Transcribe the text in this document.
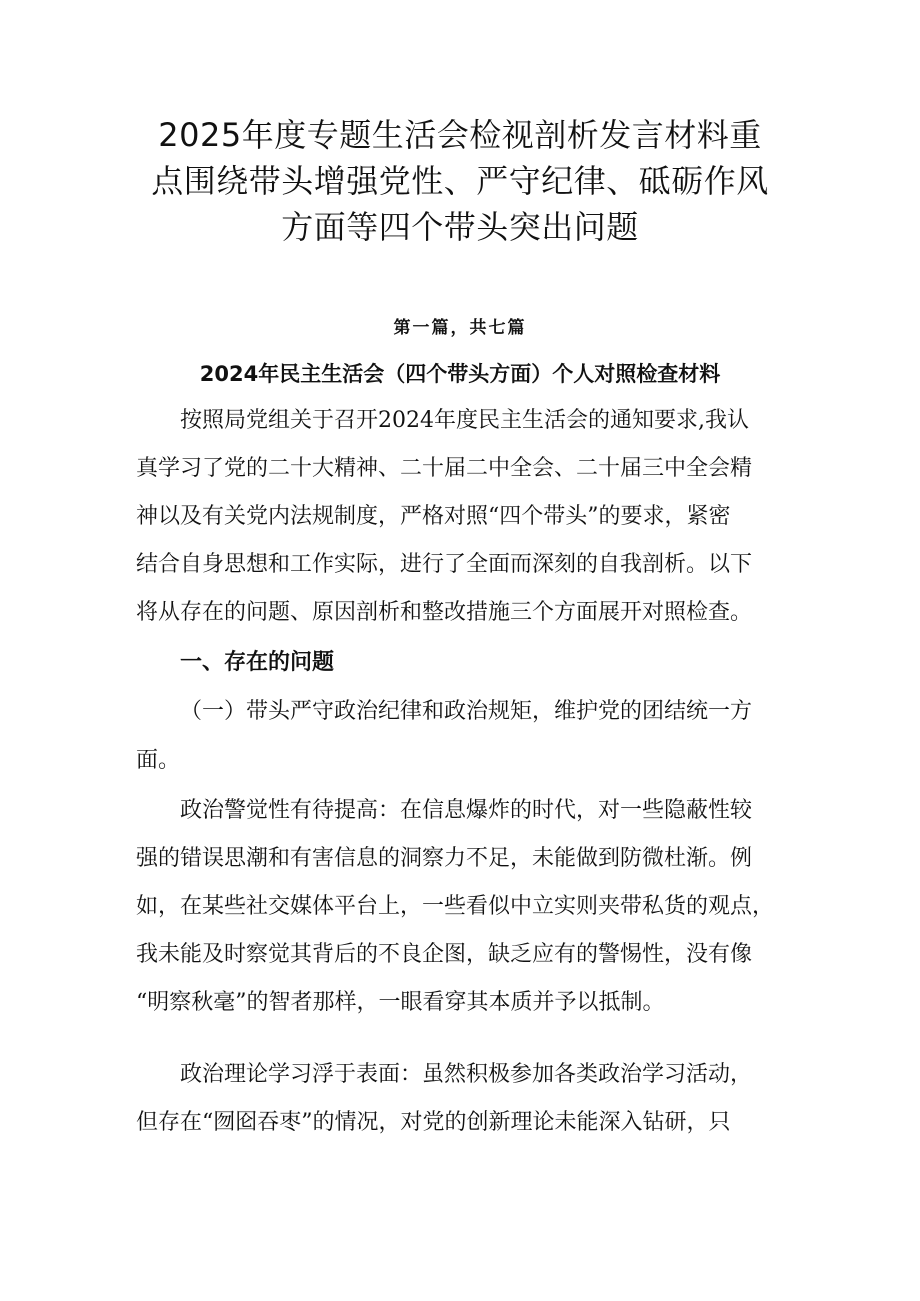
2025年度专题生活会检视剖析发言材料重
点围绕带头增强党性、严守纪律、砥砺作风
方面等四个带头突出问题
第一篇，共七篇
2024年民主生活会（四个带头方面）个人对照检查材料
按照局党组关于召开2024年度民主生活会的通知要求,我认
真学习了党的二十大精神、二十届二中全会、二十届三中全会精
神以及有关党内法规制度，严格对照“四个带头”的要求，紧密
结合自身思想和工作实际，进行了全面而深刻的自我剖析。以下
将从存在的问题、原因剖析和整改措施三个方面展开对照检查。
一、存在的问题
（一）带头严守政治纪律和政治规矩，维护党的团结统一方
面。
政治警觉性有待提高：在信息爆炸的时代，对一些隐蔽性较
强的错误思潮和有害信息的洞察力不足，未能做到防微杜渐。例
如，在某些社交媒体平台上，一些看似中立实则夹带私货的观点，
我未能及时察觉其背后的不良企图，缺乏应有的警惕性，没有像
“明察秋毫”的智者那样，一眼看穿其本质并予以抵制。
政治理论学习浮于表面：虽然积极参加各类政治学习活动，
但存在“囫囵吞枣”的情况，对党的创新理论未能深入钻研，只
